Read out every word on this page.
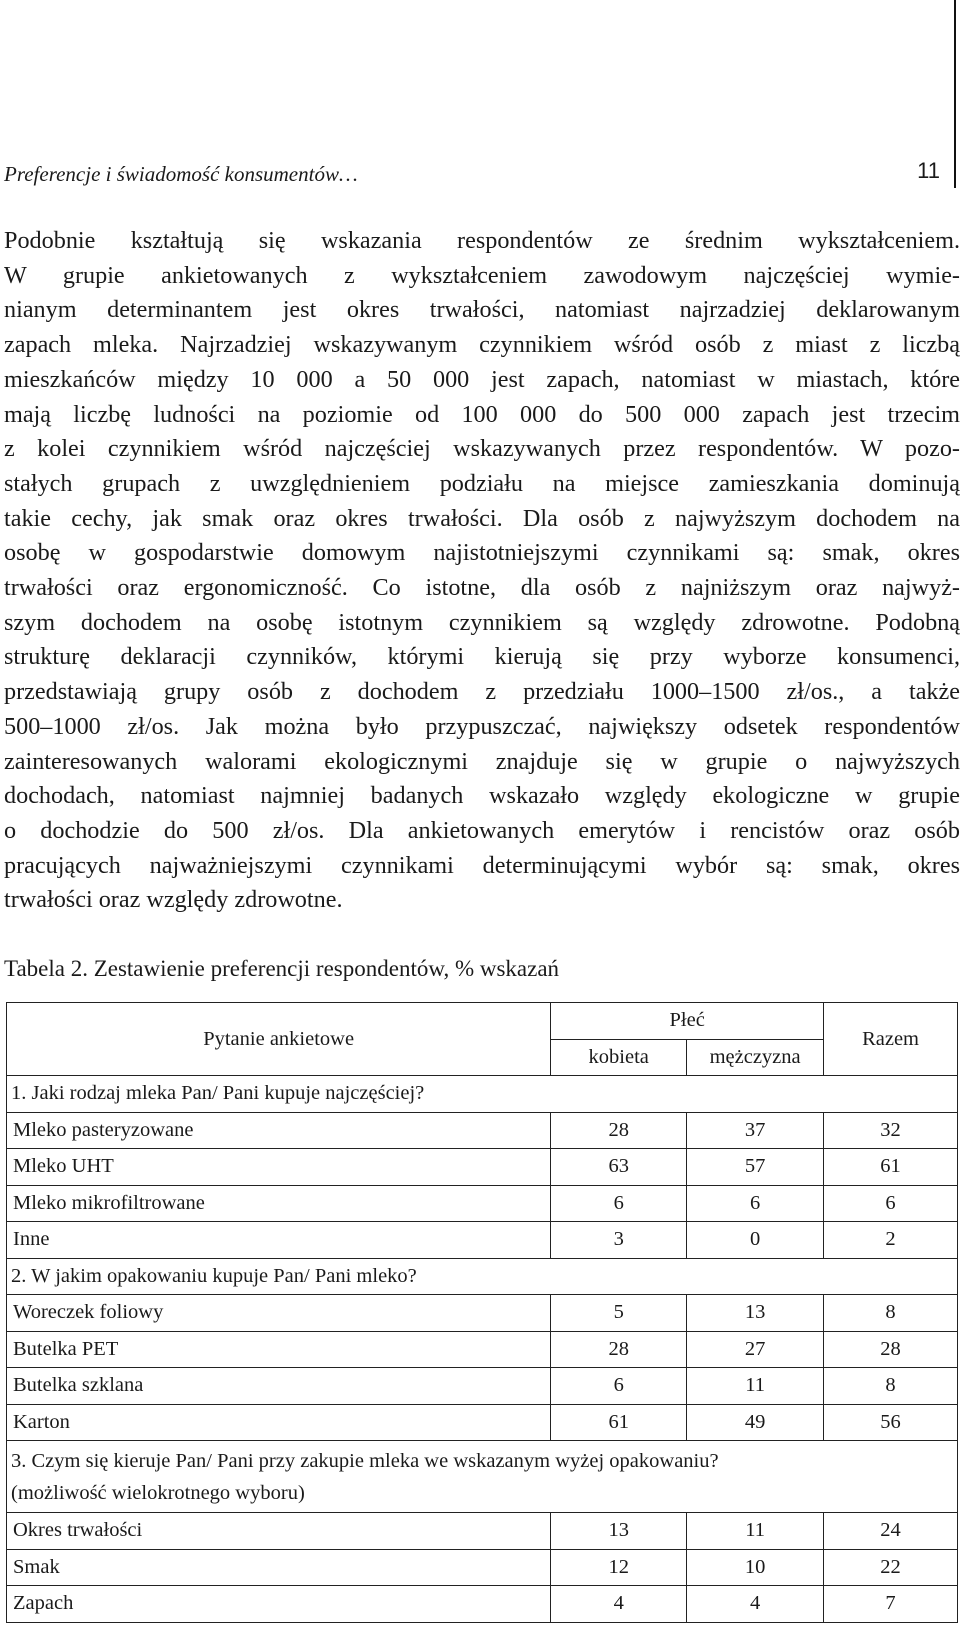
Preferencje i świadomość konsumentów…	11
Podobnie kształtują się wskazania respondentów ze średnim wykształceniem.
W grupie ankietowanych z wykształceniem zawodowym najczęściej wymie-
nianym determinantem jest okres trwałości, natomiast najrzadziej deklarowanym
zapach mleka. Najrzadziej wskazywanym czynnikiem wśród osób z miast z liczbą
mieszkańców między 10 000 a 50 000 jest zapach, natomiast w miastach, które
mają liczbę ludności na poziomie od 100 000 do 500 000 zapach jest trzecim
z kolei czynnikiem wśród najczęściej wskazywanych przez respondentów. W pozo-
stałych grupach z uwzględnieniem podziału na miejsce zamieszkania dominują
takie cechy, jak smak oraz okres trwałości. Dla osób z najwyższym dochodem na
osobę w gospodarstwie domowym najistotniejszymi czynnikami są: smak, okres
trwałości oraz ergonomiczność. Co istotne, dla osób z najniższym oraz najwyż-
szym dochodem na osobę istotnym czynnikiem są względy zdrowotne. Podobną
strukturę deklaracji czynników, którymi kierują się przy wyborze konsumenci,
przedstawiają grupy osób z dochodem z przedziału 1000–1500 zł/os., a także
500–1000 zł/os. Jak można było przypuszczać, największy odsetek respondentów
zainteresowanych walorami ekologicznymi znajduje się w grupie o najwyższych
dochodach, natomiast najmniej badanych wskazało względy ekologiczne w grupie
o dochodzie do 500 zł/os. Dla ankietowanych emerytów i rencistów oraz osób
pracujących najważniejszymi czynnikami determinującymi wybór są: smak, okres
trwałości oraz względy zdrowotne.
Tabela 2. Zestawienie preferencji respondentów, % wskazań
Pytanie ankietowe	Płeć		Razem
	kobieta	mężczyzna	
1. Jaki rodzaj mleka Pan/ Pani kupuje najczęściej?			
Mleko pasteryzowane	28	37	32
Mleko UHT	63	57	61
Mleko mikrofiltrowane	6	6	6
Inne	3	0	2
2. W jakim opakowaniu kupuje Pan/ Pani mleko?			
Woreczek foliowy	5	13	8
Butelka PET	28	27	28
Butelka szklana	6	11	8
Karton	61	49	56

3. Czym się kieruje Pan/ Pani przy zakupie mleka we wskazanym wyżej opakowaniu?
(możliwość wielokrotnego wyboru)			

Okres trwałości	13	11	24
Smak	12	10	22
Zapach	4	4	7
